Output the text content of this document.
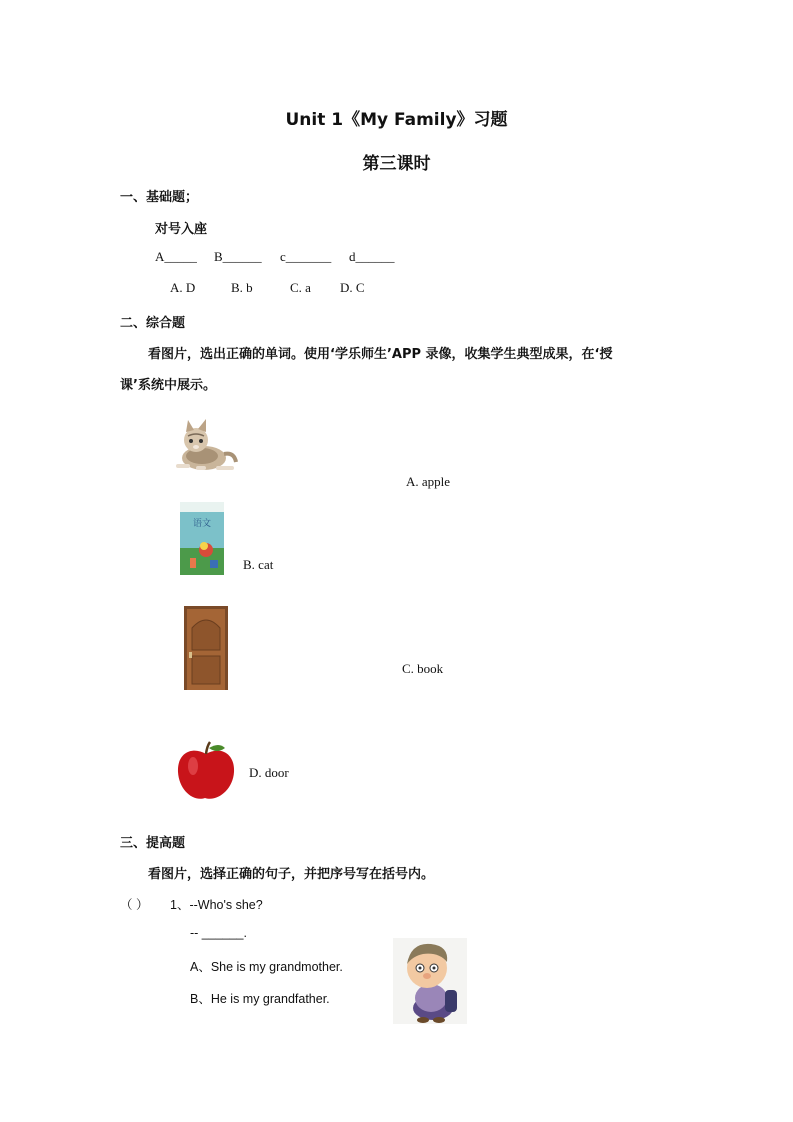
Unit 1《My Family》习题
第三课时
一、基础题；
对号入座
A_____ B______ c_______ d______
A. D	B. b	C. a D. C
二、综合题
看图片，选出正确的单词。使用‘学乐师生’APP 录像，收集学生典型成果，在‘授
课’系统中展示。
A. apple
语文
B. cat
C. book
D. door
三、提高题
看图片，选择正确的句子，并把序号写在括号内。
（ ） 1、--Who's she?
-- ______.
A、She is my grandmother.
B、He is my grandfather.
